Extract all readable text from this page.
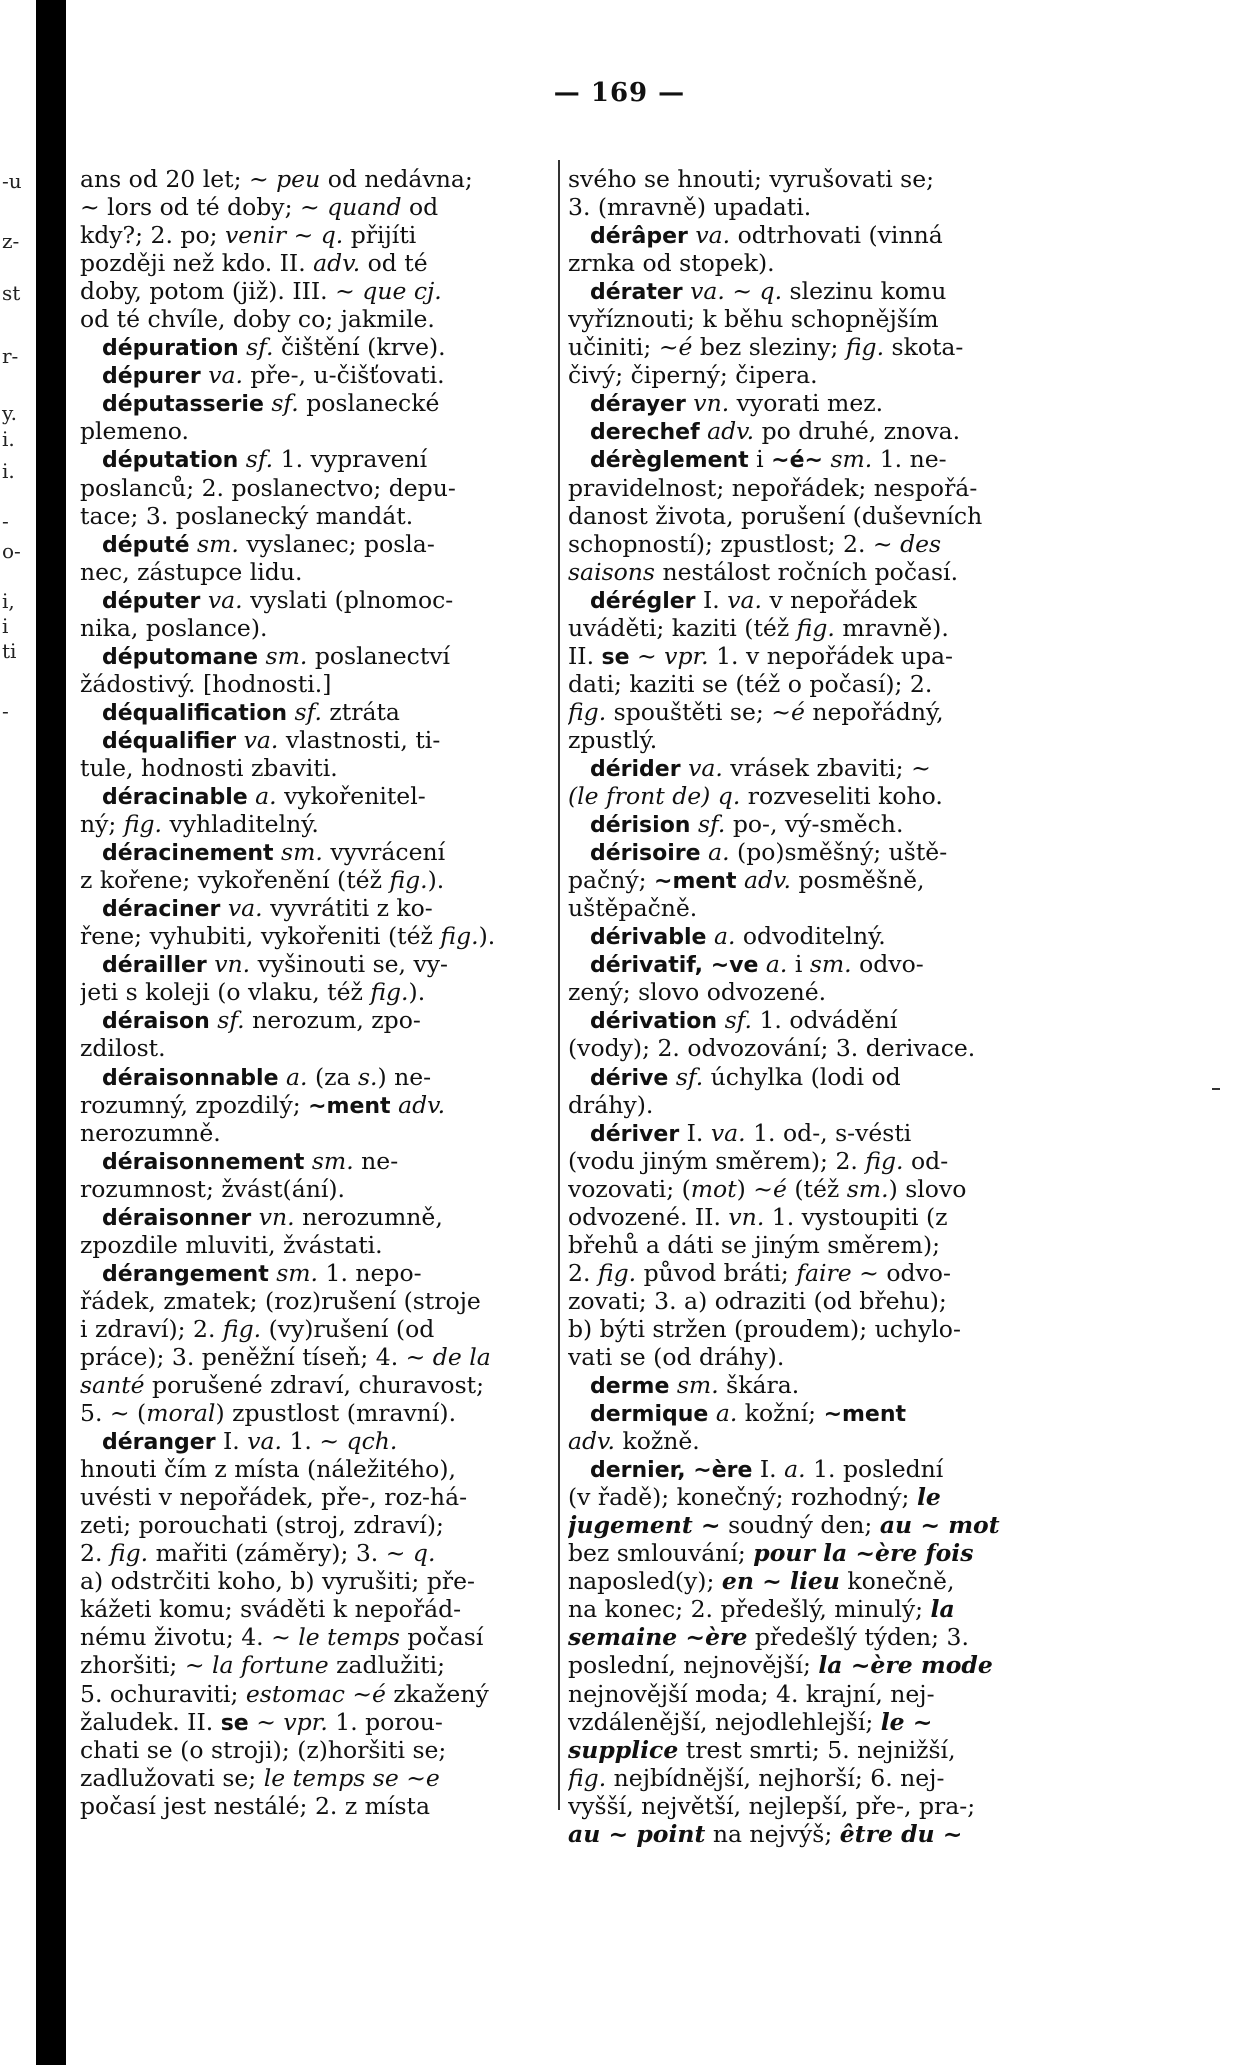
-u
z-
st
r-
y.
i.
i.
-
o-
i,
i
ti
-
— 169 —
ans od 20 let; ~ peu od nedávna;
~ lors od té doby; ~ quand od
kdy?; 2. po; venir ~ q. přijíti
později než kdo. II. adv. od té
doby, potom (již). III. ~ que cj.
od té chvíle, doby co; jakmile.
dépuration sf. čištění (krve).
dépurer va. pře-, u-čišťovati.
députasserie sf. poslanecké
plemeno.
députation sf. 1. vypravení
poslanců; 2. poslanectvo; depu-
tace; 3. poslanecký mandát.
député sm. vyslanec; posla-
nec, zástupce lidu.
députer va. vyslati (plnomoc-
nika, poslance).
députomane sm. poslanectví
žádostivý. [hodnosti.]
déqualification sf. ztráta
déqualifier va. vlastnosti, ti-
tule, hodnosti zbaviti.
déracinable a. vykořenitel-
ný; fig. vyhladitelný.
déracinement sm. vyvrácení
z kořene; vykořenění (též fig.).
déraciner va. vyvrátiti z ko-
řene; vyhubiti, vykořeniti (též fig.).
dérailler vn. vyšinouti se, vy-
jeti s koleji (o vlaku, též fig.).
déraison sf. nerozum, zpo-
zdilost.
déraisonnable a. (za s.) ne-
rozumný, zpozdilý; ~ment adv.
nerozumně.
déraisonnement sm. ne-
rozumnost; žvást(ání).
déraisonner vn. nerozumně,
zpozdile mluviti, žvástati.
dérangement sm. 1. nepo-
řádek, zmatek; (roz)rušení (stroje
i zdraví); 2. fig. (vy)rušení (od
práce); 3. peněžní tíseň; 4. ~ de la
santé porušené zdraví, churavost;
5. ~ (moral) zpustlost (mravní).
déranger I. va. 1. ~ qch.
hnouti čím z místa (náležitého),
uvésti v nepořádek, pře-, roz-há-
zeti; porouchati (stroj, zdraví);
2. fig. mařiti (záměry); 3. ~ q.
a) odstrčiti koho, b) vyrušiti; pře-
kážeti komu; sváděti k nepořád-
nému životu; 4. ~ le temps počasí
zhoršiti; ~ la fortune zadlužiti;
5. ochuraviti; estomac ~é zkažený
žaludek. II. se ~ vpr. 1. porou-
chati se (o stroji); (z)horšiti se;
zadlužovati se; le temps se ~e
počasí jest nestálé; 2. z místa
svého se hnouti; vyrušovati se;
3. (mravně) upadati.
dérâper va. odtrhovati (vinná
zrnka od stopek).
dérater va. ~ q. slezinu komu
vyříznouti; k běhu schopnějším
učiniti; ~é bez sleziny; fig. skota-
čivý; čiperný; čipera.
dérayer vn. vyorati mez.
derechef adv. po druhé, znova.
dérèglement i ~é~ sm. 1. ne-
pravidelnost; nepořádek; nespořá-
danost života, porušení (duševních
schopností); zpustlost; 2. ~ des
saisons nestálost ročních počasí.
dérégler I. va. v nepořádek
uváděti; kaziti (též fig. mravně).
II. se ~ vpr. 1. v nepořádek upa-
dati; kaziti se (též o počasí); 2.
fig. spouštěti se; ~é nepořádný,
zpustlý.
dérider va. vrásek zbaviti; ~
(le front de) q. rozveseliti koho.
dérision sf. po-, vý-směch.
dérisoire a. (po)směšný; uště-
pačný; ~ment adv. posměšně,
uštěpačně.
dérivable a. odvoditelný.
dérivatif, ~ve a. i sm. odvo-
zený; slovo odvozené.
dérivation sf. 1. odvádění
(vody); 2. odvozování; 3. derivace.
dérive sf. úchylka (lodi od
dráhy).
dériver I. va. 1. od-, s-vésti
(vodu jiným směrem); 2. fig. od-
vozovati; (mot) ~é (též sm.) slovo
odvozené. II. vn. 1. vystoupiti (z
břehů a dáti se jiným směrem);
2. fig. původ bráti; faire ~ odvo-
zovati; 3. a) odraziti (od břehu);
b) býti stržen (proudem); uchylo-
vati se (od dráhy).
derme sm. škára.
dermique a. kožní; ~ment
adv. kožně.
dernier, ~ère I. a. 1. poslední
(v řadě); konečný; rozhodný; le
jugement ~ soudný den; au ~ mot
bez smlouvání; pour la ~ère fois
naposled(y); en ~ lieu konečně,
na konec; 2. předešlý, minulý; la
semaine ~ère předešlý týden; 3.
poslední, nejnovější; la ~ère mode
nejnovější moda; 4. krajní, nej-
vzdálenější, nejodlehlejší; le ~
supplice trest smrti; 5. nejnižší,
fig. nejbídnější, nejhorší; 6. nej-
vyšší, největší, nejlepší, pře-, pra-;
au ~ point na nejvýš; être du ~
